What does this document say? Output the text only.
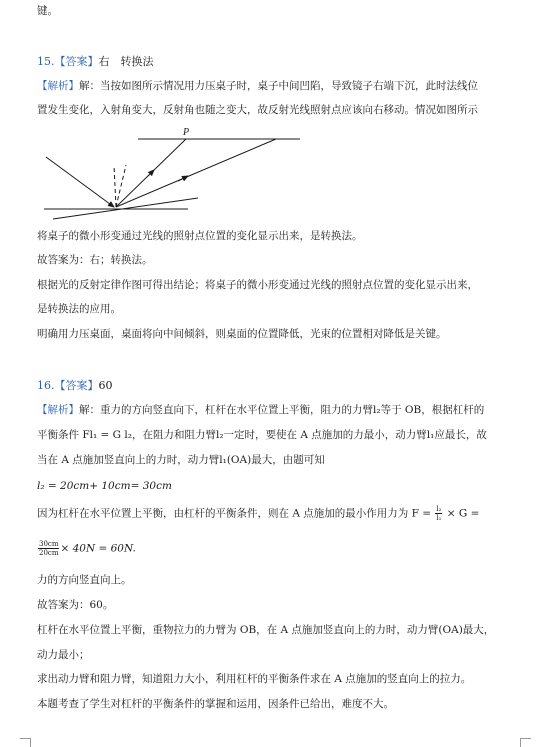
键。
15.【答案】右　转换法
【解析】解：当按如图所示情况用力压桌子时，桌子中间凹陷，导致镜子右端下沉，此时法线位
置发生变化，入射角变大，反射角也随之变大，故反射光线照射点应该向右移动。情况如图所示
P
将桌子的微小形变通过光线的照射点位置的变化显示出来，是转换法。
故答案为：右；转换法。
根据光的反射定律作图可得出结论；将桌子的微小形变通过光线的照射点位置的变化显示出来，
是转换法的应用。
明确用力压桌面，桌面将向中间倾斜，则桌面的位置降低，光束的位置相对降低是关键。
16.【答案】60
【解析】解：重力的方向竖直向下，杠杆在水平位置上平衡，阻力的力臂l₂等于 OB，根据杠杆的
平衡条件 Fl₁ = G l₂，在阻力和阻力臂l₂一定时，要使在 A 点施加的力最小，动力臂l₁应最长，故
当在 A 点施加竖直向上的力时，动力臂l₁(OA)最大，由题可知
l₂ = 20cm+ 10cm= 30cm
因为杠杆在水平位置上平衡，由杠杆的平衡条件，则在 A 点施加的最小作用力为 $F = \frac{\text{l₂}}{\text{l₁}} \times G$ =
$\frac{30cm}{20cm} \times 40N = 60N$.
力的方向竖直向上。
故答案为：60。
杠杆在水平位置上平衡，重物拉力的力臂为 OB，在 A 点施加竖直向上的力时，动力臂(OA)最大，
动力最小；
求出动力臂和阻力臂，知道阻力大小，利用杠杆的平衡条件求在 A 点施加的竖直向上的拉力。
本题考查了学生对杠杆的平衡条件的掌握和运用，因条件已给出，难度不大。
